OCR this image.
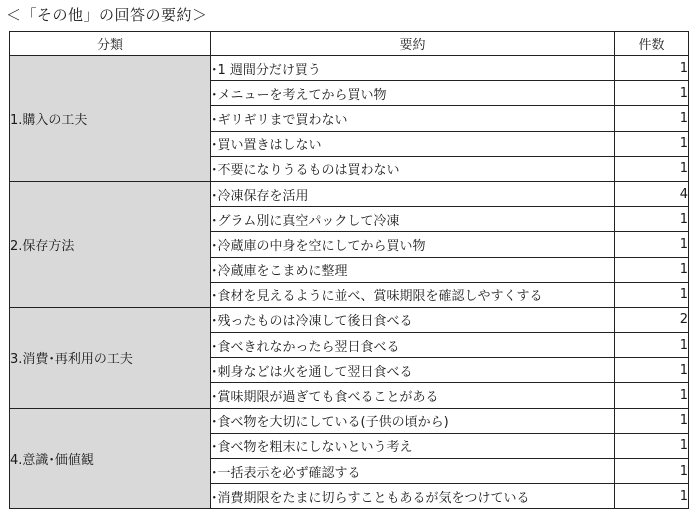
＜「その他」の回答の要約＞
分類	要約	件数
1.購入の工夫	･1 週間分だけ買う	1
	･メニューを考えてから買い物	1
	･ギリギリまで買わない	1
	･買い置きはしない	1
	･不要になりうるものは買わない	1
2.保存方法	･冷凍保存を活用	4
	･グラム別に真空パックして冷凍	1
	･冷蔵庫の中身を空にしてから買い物	1
	･冷蔵庫をこまめに整理	1
	･食材を見えるように並べ、賞味期限を確認しやすくする	1
3.消費･再利用の工夫	･残ったものは冷凍して後日食べる	2
	･食べきれなかったら翌日食べる	1
	･刺身などは火を通して翌日食べる	1
	･賞味期限が過ぎても食べることがある	1
4.意識･価値観	･食べ物を大切にしている(子供の頃から)	1
	･食べ物を粗末にしないという考え	1
	･一括表示を必ず確認する	1
	･消費期限をたまに切らすこともあるが気をつけている	1
